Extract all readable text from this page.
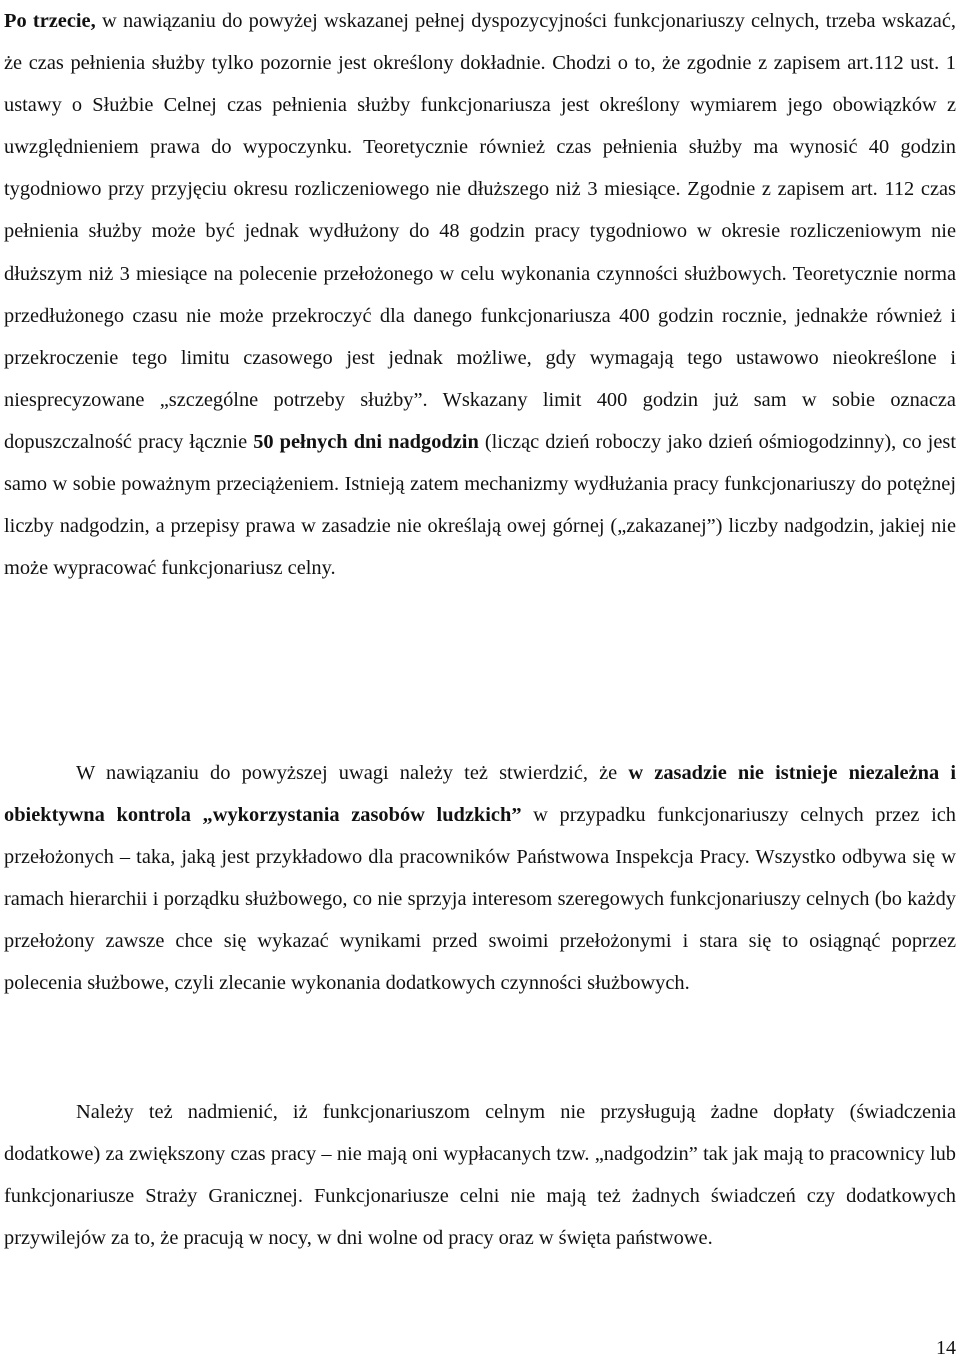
Po trzecie, w nawiązaniu do powyżej wskazanej pełnej dyspozycyjności funkcjonariuszy celnych, trzeba wskazać, że czas pełnienia służby tylko pozornie jest określony dokładnie. Chodzi o to, że zgodnie z zapisem art.112 ust. 1 ustawy o Służbie Celnej czas pełnienia służby funkcjonariusza jest określony wymiarem jego obowiązków z uwzględnieniem prawa do wypoczynku. Teoretycznie również czas pełnienia służby ma wynosić 40 godzin tygodniowo przy przyjęciu okresu rozliczeniowego nie dłuższego niż 3 miesiące. Zgodnie z zapisem art. 112 czas pełnienia służby może być jednak wydłużony do 48 godzin pracy tygodniowo w okresie rozliczeniowym nie dłuższym niż 3 miesiące na polecenie przełożonego w celu wykonania czynności służbowych. Teoretycznie norma przedłużonego czasu nie może przekroczyć dla danego funkcjonariusza 400 godzin rocznie, jednakże również i przekroczenie tego limitu czasowego jest jednak możliwe, gdy wymagają tego ustawowo nieokreślone i niesprecyzowane „szczególne potrzeby służby”. Wskazany limit 400 godzin już sam w sobie oznacza dopuszczalność pracy łącznie 50 pełnych dni nadgodzin (licząc dzień roboczy jako dzień ośmiogodzinny), co jest samo w sobie poważnym przeciążeniem. Istnieją zatem mechanizmy wydłużania pracy funkcjonariuszy do potężnej liczby nadgodzin, a przepisy prawa w zasadzie nie określają owej górnej („zakazanej”) liczby nadgodzin, jakiej nie może wypracować funkcjonariusz celny.

W nawiązaniu do powyższej uwagi należy też stwierdzić, że w zasadzie nie istnieje niezależna i obiektywna kontrola „wykorzystania zasobów ludzkich” w przypadku funkcjonariuszy celnych przez ich przełożonych – taka, jaką jest przykładowo dla pracowników Państwowa Inspekcja Pracy. Wszystko odbywa się w ramach hierarchii i porządku służbowego, co nie sprzyja interesom szeregowych funkcjonariuszy celnych (bo każdy przełożony zawsze chce się wykazać wynikami przed swoimi przełożonymi i stara się to osiągnąć poprzez polecenia służbowe, czyli zlecanie wykonania dodatkowych czynności służbowych.

Należy też nadmienić, iż funkcjonariuszom celnym nie przysługują żadne dopłaty (świadczenia dodatkowe) za zwiększony czas pracy – nie mają oni wypłacanych tzw. „nadgodzin” tak jak mają to pracownicy lub funkcjonariusze Straży Granicznej. Funkcjonariusze celni nie mają też żadnych świadczeń czy dodatkowych przywilejów za to, że pracują w nocy, w dni wolne od pracy oraz w święta państwowe.

14
